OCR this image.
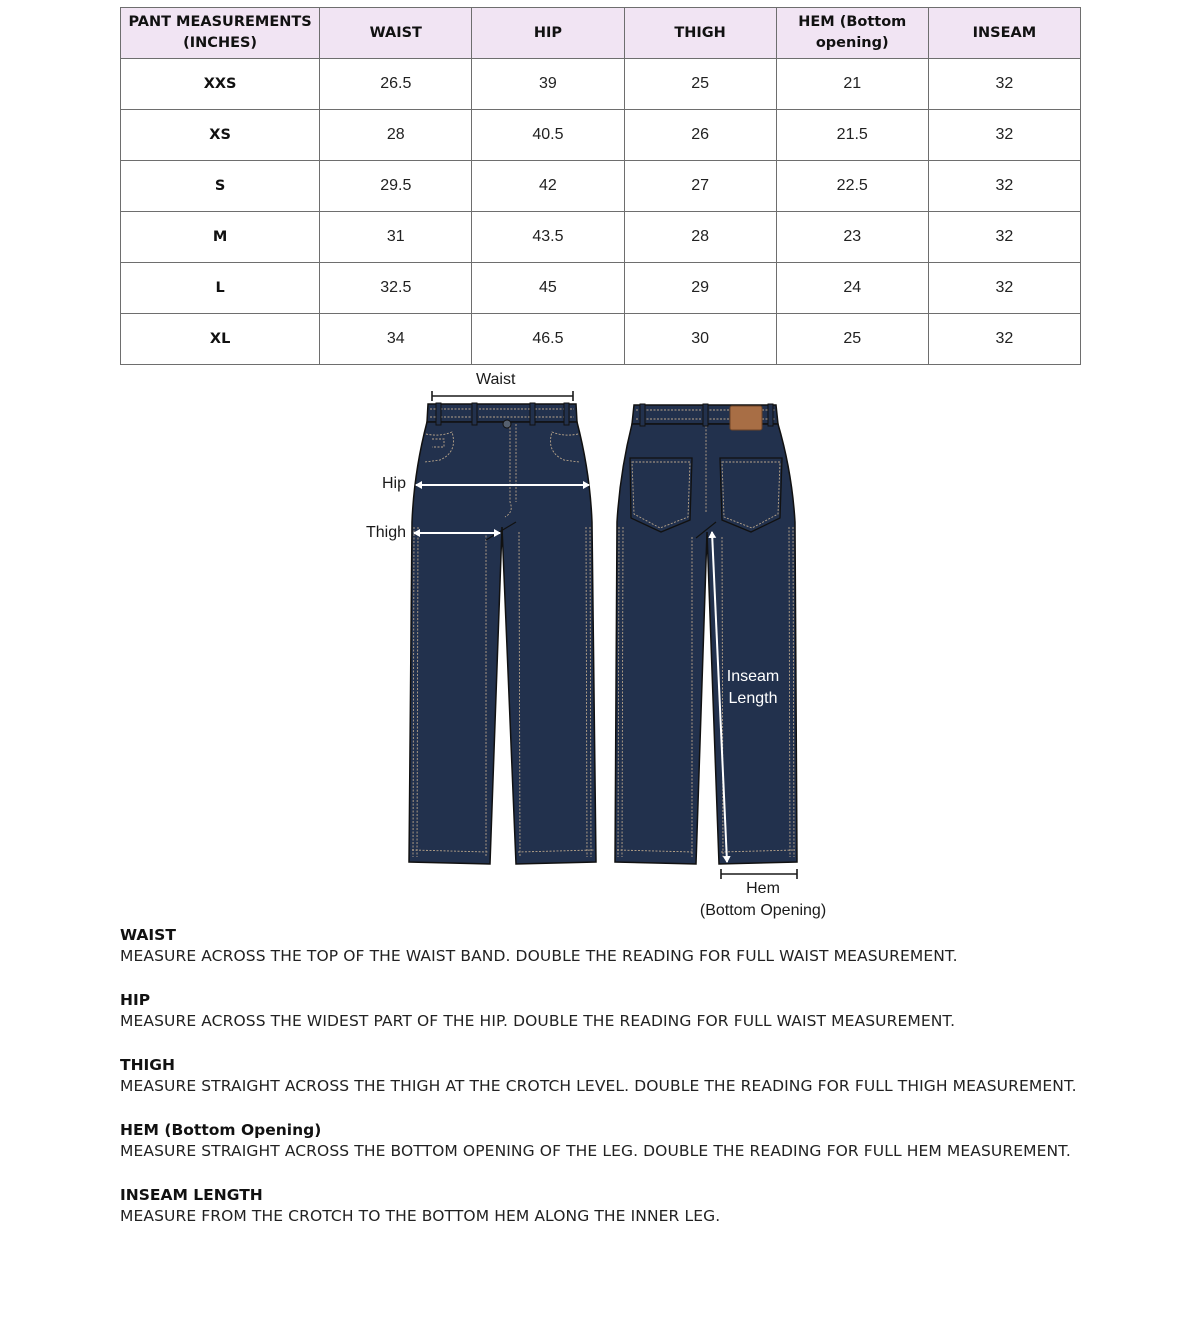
PANT MEASUREMENTS (INCHES)	WAIST	HIP	THIGH	HEM (Bottom opening)	INSEAM
XXS	26.5	39	25	21	32
XS	28	40.5	26	21.5	32
S	29.5	42	27	22.5	32
M	31	43.5	28	23	32
L	32.5	45	29	24	32
XL	34	46.5	30	25	32
Waist
Hip
Thigh
Inseam
Length
Hem
(Bottom Opening)

WAIST

MEASURE ACROSS THE TOP OF THE WAIST BAND. DOUBLE THE READING FOR FULL WAIST MEASUREMENT.

HIP

MEASURE ACROSS THE WIDEST PART OF THE HIP. DOUBLE THE READING FOR FULL WAIST MEASUREMENT.

THIGH

MEASURE STRAIGHT ACROSS THE THIGH AT THE CROTCH LEVEL. DOUBLE THE READING FOR FULL THIGH MEASUREMENT.

HEM (Bottom Opening)

MEASURE STRAIGHT ACROSS THE BOTTOM OPENING OF THE LEG. DOUBLE THE READING FOR FULL HEM MEASUREMENT.

INSEAM LENGTH

MEASURE FROM THE CROTCH TO THE BOTTOM HEM ALONG THE INNER LEG.
